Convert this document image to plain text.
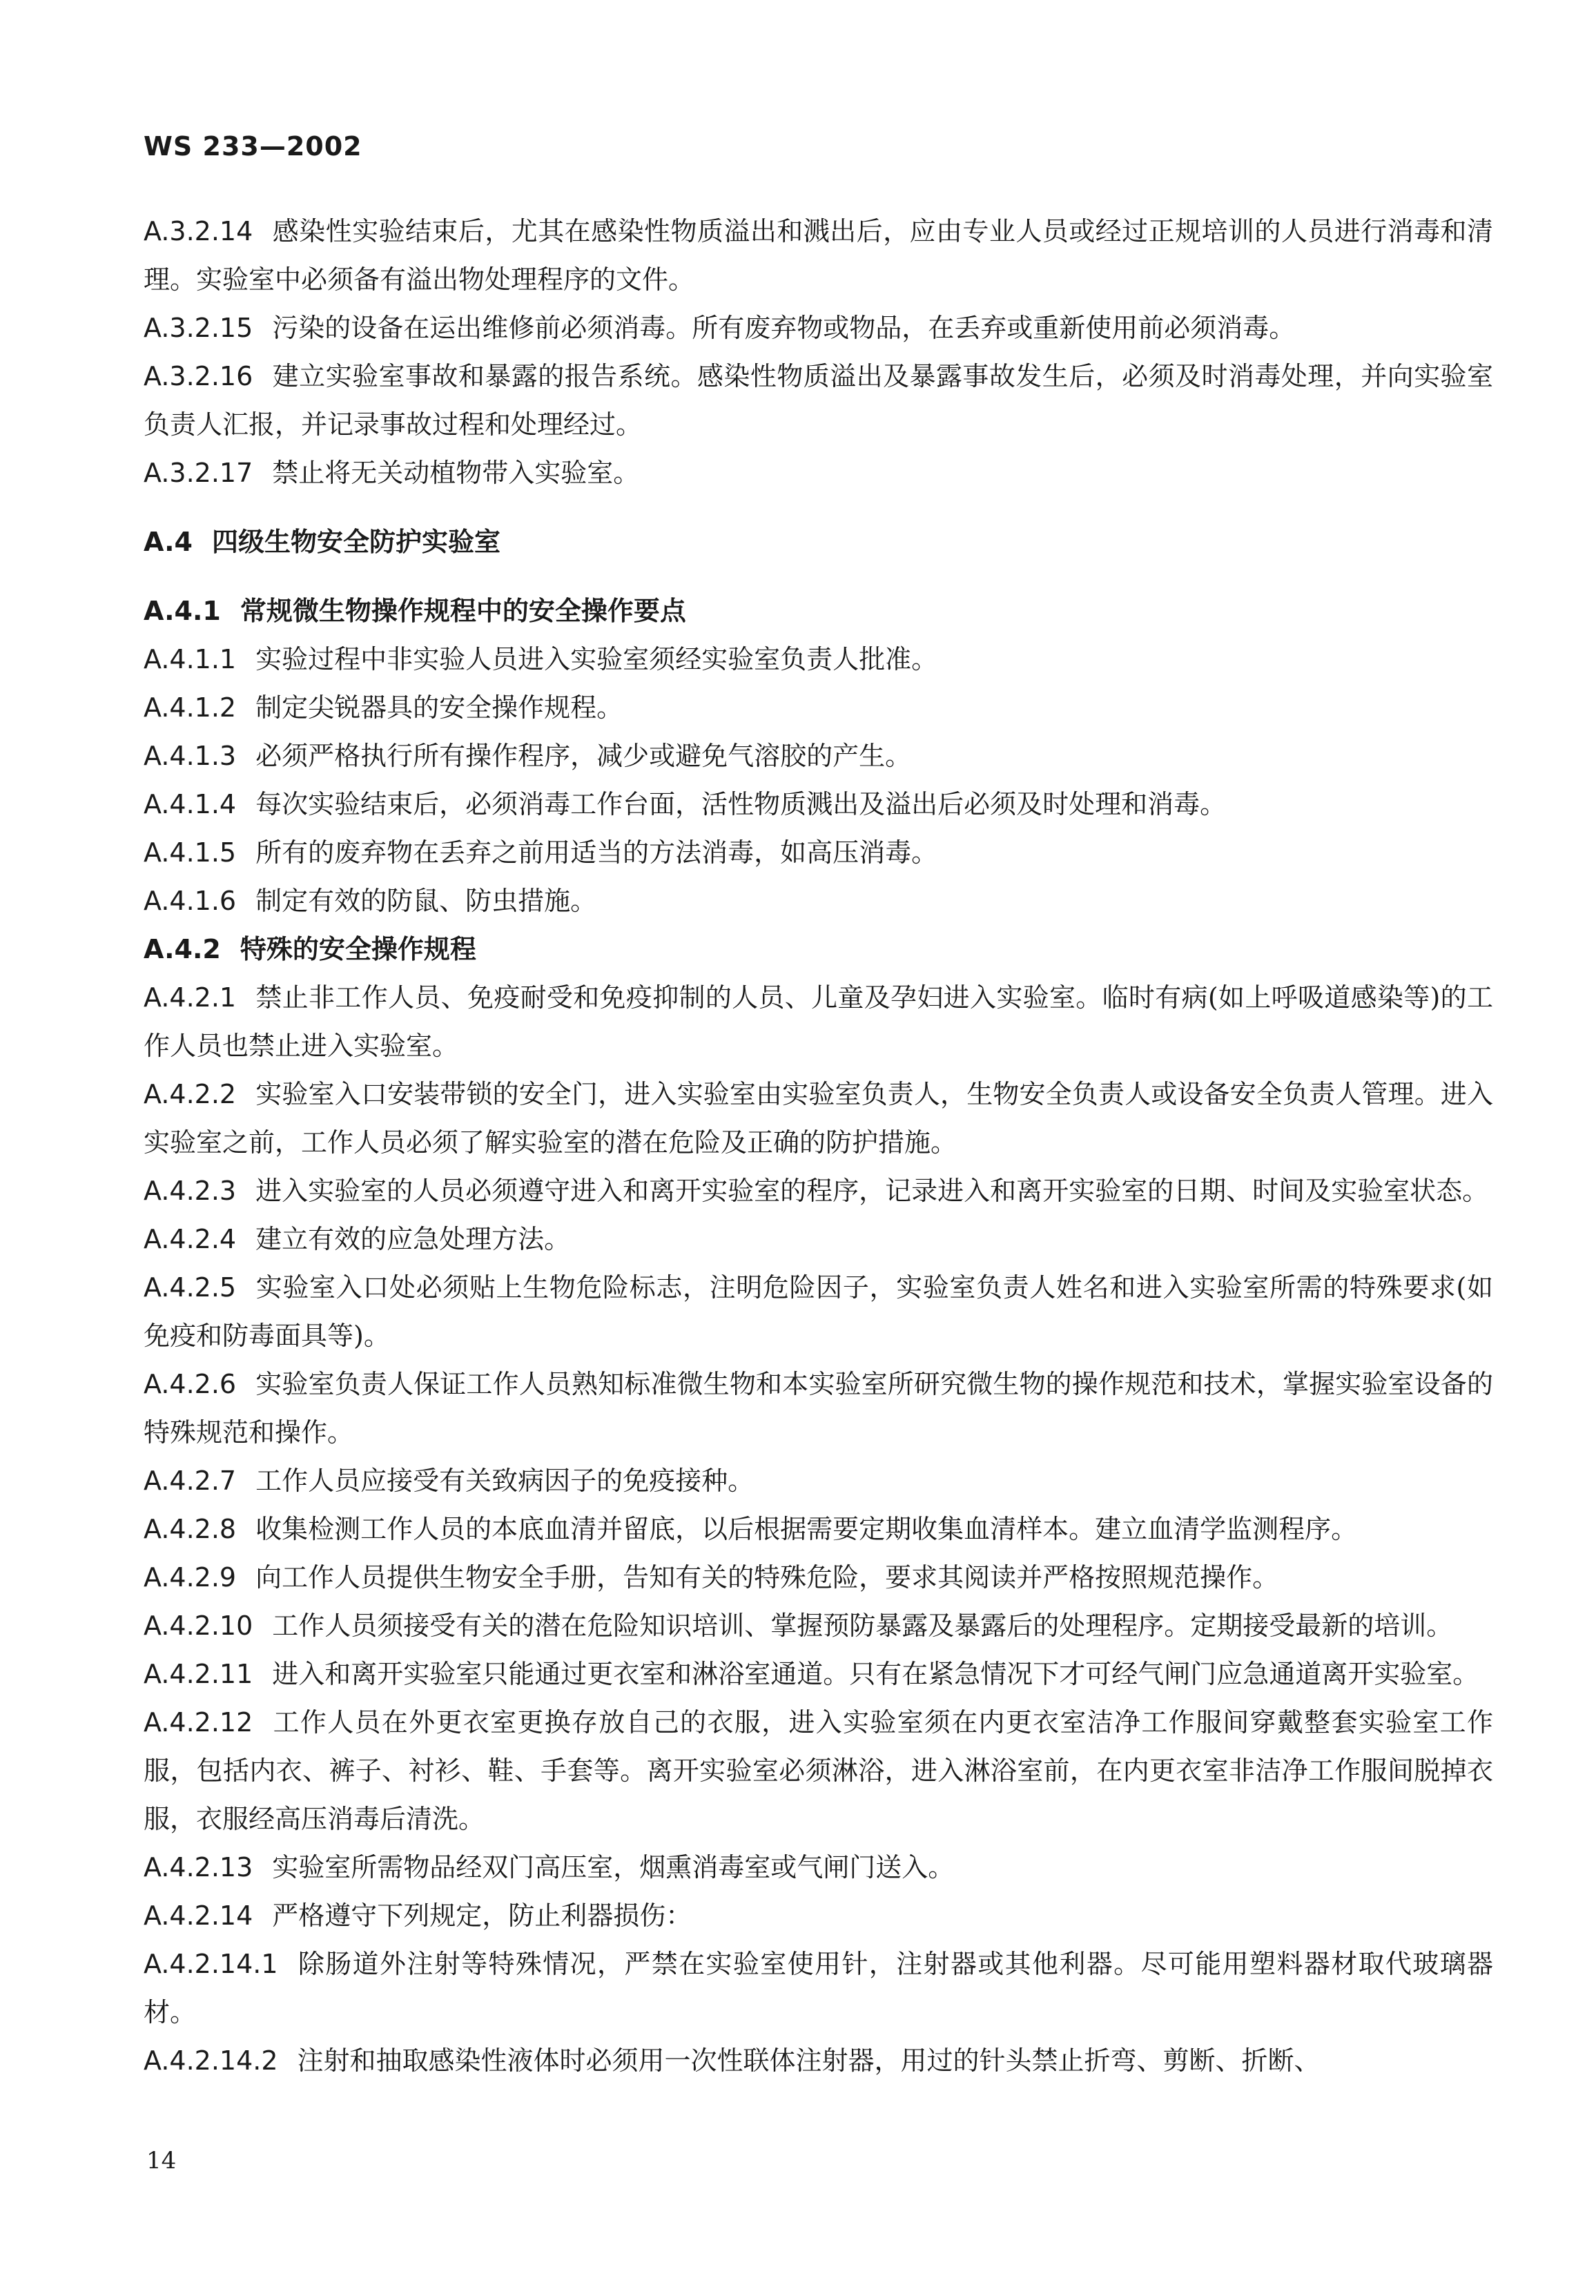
WS 233—2002

A.3.2.14 感染性实验结束后，尤其在感染性物质溢出和溅出后，应由专业人员或经过正规培训的人员进行消毒和清理。实验室中必须备有溢出物处理程序的文件。

A.3.2.15 污染的设备在运出维修前必须消毒。所有废弃物或物品，在丢弃或重新使用前必须消毒。

A.3.2.16 建立实验室事故和暴露的报告系统。感染性物质溢出及暴露事故发生后，必须及时消毒处理，并向实验室负责人汇报，并记录事故过程和处理经过。

A.3.2.17 禁止将无关动植物带入实验室。

A.4 四级生物安全防护实验室

A.4.1 常规微生物操作规程中的安全操作要点

A.4.1.1 实验过程中非实验人员进入实验室须经实验室负责人批准。

A.4.1.2 制定尖锐器具的安全操作规程。

A.4.1.3 必须严格执行所有操作程序，减少或避免气溶胶的产生。

A.4.1.4 每次实验结束后，必须消毒工作台面，活性物质溅出及溢出后必须及时处理和消毒。

A.4.1.5 所有的废弃物在丢弃之前用适当的方法消毒，如高压消毒。

A.4.1.6 制定有效的防鼠、防虫措施。

A.4.2 特殊的安全操作规程

A.4.2.1 禁止非工作人员、免疫耐受和免疫抑制的人员、儿童及孕妇进入实验室。临时有病(如上呼吸道感染等)的工作人员也禁止进入实验室。

A.4.2.2 实验室入口安装带锁的安全门，进入实验室由实验室负责人，生物安全负责人或设备安全负责人管理。进入实验室之前，工作人员必须了解实验室的潜在危险及正确的防护措施。

A.4.2.3 进入实验室的人员必须遵守进入和离开实验室的程序，记录进入和离开实验室的日期、时间及实验室状态。

A.4.2.4 建立有效的应急处理方法。

A.4.2.5 实验室入口处必须贴上生物危险标志，注明危险因子，实验室负责人姓名和进入实验室所需的特殊要求(如免疫和防毒面具等)。

A.4.2.6 实验室负责人保证工作人员熟知标准微生物和本实验室所研究微生物的操作规范和技术，掌握实验室设备的特殊规范和操作。

A.4.2.7 工作人员应接受有关致病因子的免疫接种。

A.4.2.8 收集检测工作人员的本底血清并留底，以后根据需要定期收集血清样本。建立血清学监测程序。

A.4.2.9 向工作人员提供生物安全手册，告知有关的特殊危险，要求其阅读并严格按照规范操作。

A.4.2.10 工作人员须接受有关的潜在危险知识培训、掌握预防暴露及暴露后的处理程序。定期接受最新的培训。

A.4.2.11 进入和离开实验室只能通过更衣室和淋浴室通道。只有在紧急情况下才可经气闸门应急通道离开实验室。

A.4.2.12 工作人员在外更衣室更换存放自己的衣服，进入实验室须在内更衣室洁净工作服间穿戴整套实验室工作服，包括内衣、裤子、衬衫、鞋、手套等。离开实验室必须淋浴，进入淋浴室前，在内更衣室非洁净工作服间脱掉衣服，衣服经高压消毒后清洗。

A.4.2.13 实验室所需物品经双门高压室，烟熏消毒室或气闸门送入。

A.4.2.14 严格遵守下列规定，防止利器损伤：

A.4.2.14.1 除肠道外注射等特殊情况，严禁在实验室使用针，注射器或其他利器。尽可能用塑料器材取代玻璃器材。

A.4.2.14.2 注射和抽取感染性液体时必须用一次性联体注射器，用过的针头禁止折弯、剪断、折断、

14
